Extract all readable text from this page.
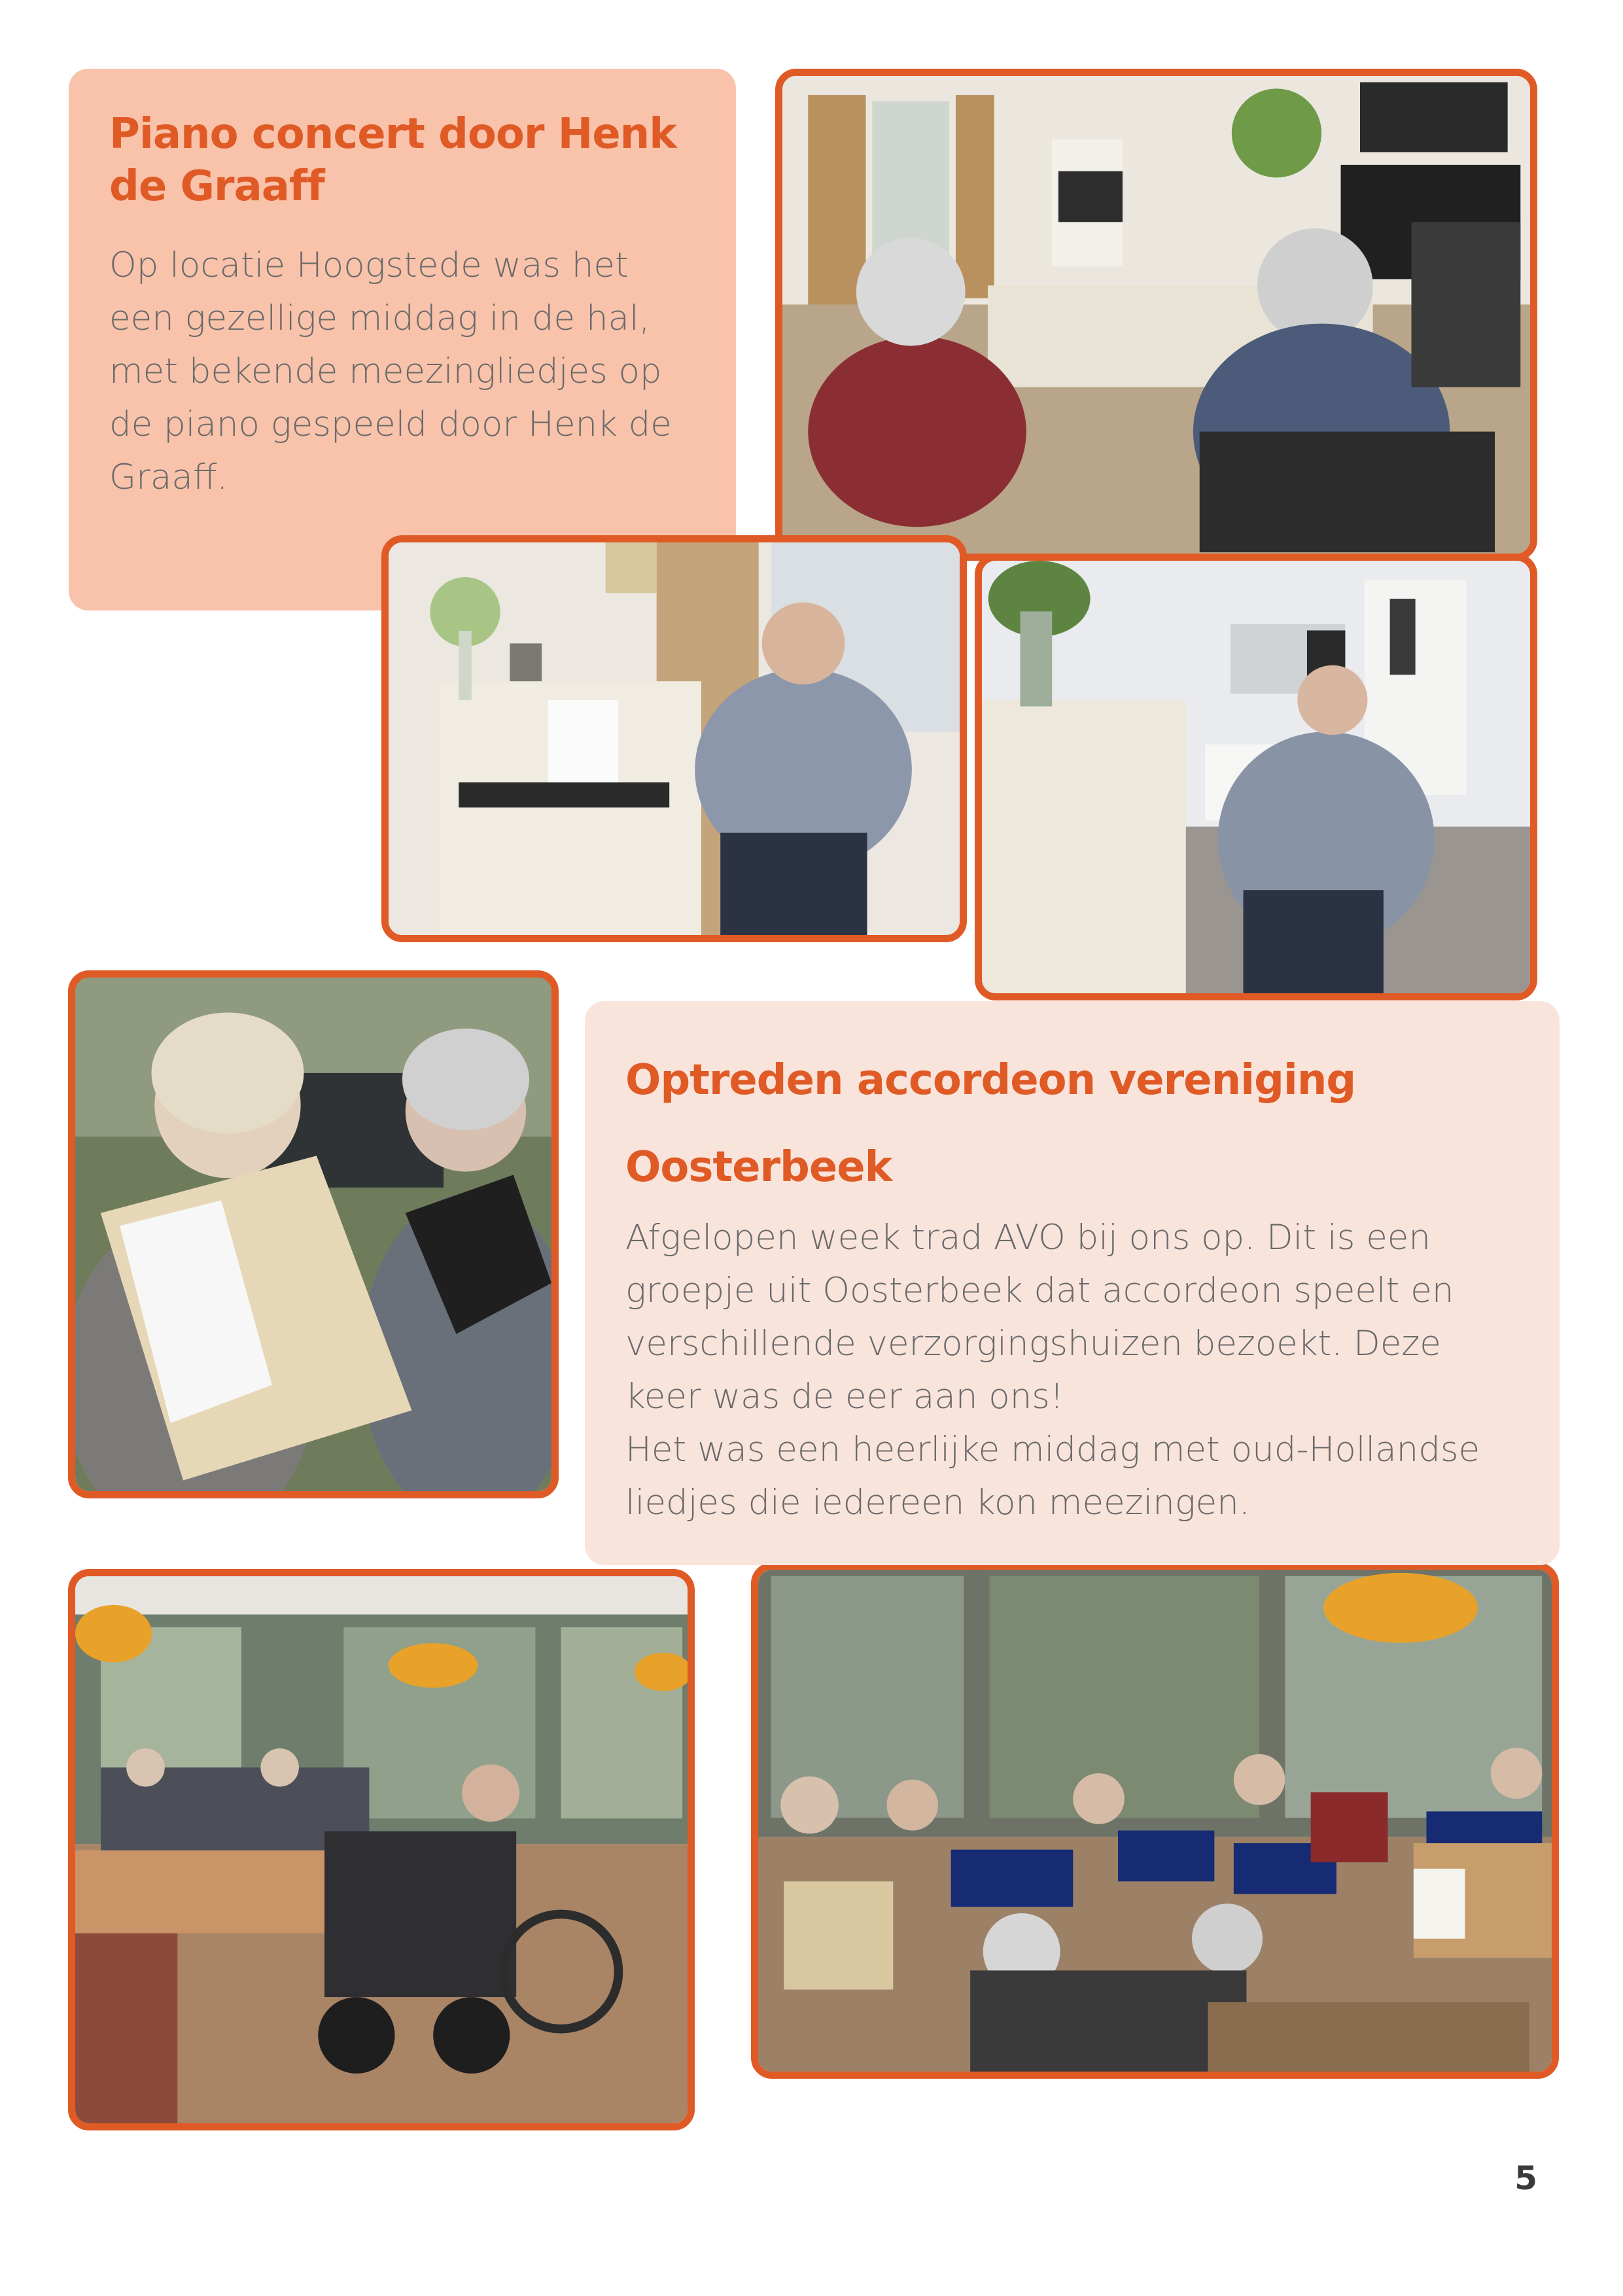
Piano concert door Henk de Graaff

Op locatie Hoogstede was het een gezellige middag in de hal, met bekende meezingliedjes op de piano gespeeld door Henk de Graaff.

Optreden accordeon vereniging Oosterbeek

Afgelopen week trad AVO bij ons op. Dit is een groepje uit Oosterbeek dat accordeon speelt en verschillende verzorgingshuizen bezoekt. Deze keer was de eer aan ons!
Het was een heerlijke middag met oud-Hollandse liedjes die iedereen kon meezingen.

5
